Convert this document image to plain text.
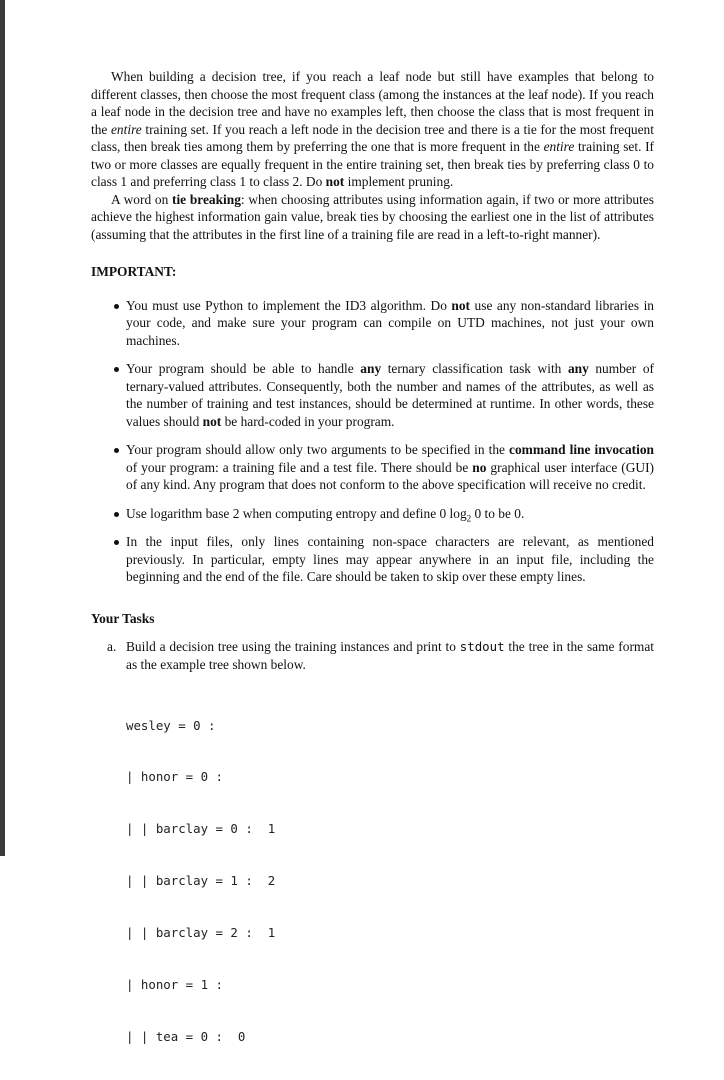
When building a decision tree, if you reach a leaf node but still have examples that belong to different classes, then choose the most frequent class (among the instances at the leaf node). If you reach a leaf node in the decision tree and have no examples left, then choose the class that is most frequent in the entire training set. If you reach a left node in the decision tree and there is a tie for the most frequent class, then break ties among them by preferring the one that is more frequent in the entire training set. If two or more classes are equally frequent in the entire training set, then break ties by preferring class 0 to class 1 and preferring class 1 to class 2. Do not implement pruning.

A word on tie breaking: when choosing attributes using information again, if two or more attributes achieve the highest information gain value, break ties by choosing the earliest one in the list of attributes (assuming that the attributes in the first line of a training file are read in a left-to-right manner).

IMPORTANT:
You must use Python to implement the ID3 algorithm. Do not use any non-standard libraries in your code, and make sure your program can compile on UTD machines, not just your own machines.
Your program should be able to handle any ternary classification task with any number of ternary-valued attributes. Consequently, both the number and names of the attributes, as well as the number of training and test instances, should be determined at runtime. In other words, these values should not be hard-coded in your program.
Your program should allow only two arguments to be specified in the command line invocation of your program: a training file and a test file. There should be no graphical user interface (GUI) of any kind. Any program that does not conform to the above specification will receive no credit.
Use logarithm base 2 when computing entropy and define 0 $\log_2 0$ to be 0.
In the input files, only lines containing non-space characters are relevant, as mentioned previously. In particular, empty lines may appear anywhere in an input file, including the beginning and the end of the file. Care should be taken to skip over these empty lines.
Your Tasks
a. Build a decision tree using the training instances and print to stdout the tree in the same format as the example tree shown below.

wesley = 0 :

| honor = 0 :

| | barclay = 0 :  1

| | barclay = 1 :  2

| | barclay = 2 :  1

| honor = 1 :

| | tea = 0 :  0
